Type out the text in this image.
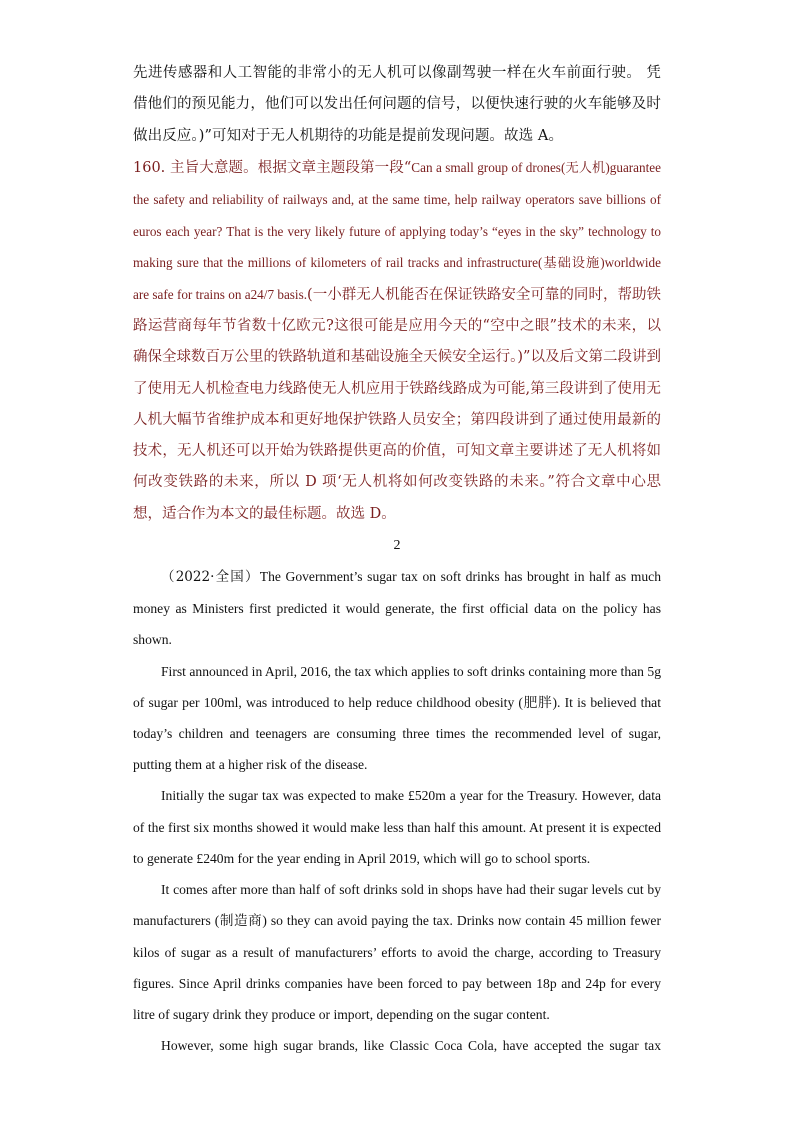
先进传感器和人工智能的非常小的无人机可以像副驾驶一样在火车前面行驶。 凭借他们的预见能力，他们可以发出任何问题的信号，以便快速行驶的火车能够及时做出反应。)”可知对于无人机期待的功能是提前发现问题。故选 A。
160. 主旨大意题。根据文章主题段第一段“Can a small group of drones(无人机)guarantee the safety and reliability of railways and, at the same time, help railway operators save billions of euros each year? That is the very likely future of applying today’s “eyes in the sky” technology to making sure that the millions of kilometers of rail tracks and infrastructure(基础设施)worldwide are safe for trains on a24/7 basis.(一小群无人机能否在保证铁路安全可靠的同时，帮助铁路运营商每年节省数十亿欧元?这很可能是应用今天的“空中之眼”技术的未来，以确保全球数百万公里的铁路轨道和基础设施全天候安全运行。)”以及后文第二段讲到了使用无人机检查电力线路使无人机应用于铁路线路成为可能,第三段讲到了使用无人机大幅节省维护成本和更好地保护铁路人员安全；第四段讲到了通过使用最新的技术，无人机还可以开始为铁路提供更高的价值，可知文章主要讲述了无人机将如何改变铁路的未来，所以 D 项‘无人机将如何改变铁路的未来。”符合文章中心思想，适合作为本文的最佳标题。故选 D。
2
（2022·全国）The Government’s sugar tax on soft drinks has brought in half as much money as Ministers first predicted it would generate, the first official data on the policy has shown.
First announced in April, 2016, the tax which applies to soft drinks containing more than 5g of sugar per 100ml, was introduced to help reduce childhood obesity (肥胖). It is believed that today’s children and teenagers are consuming three times the recommended level of sugar, putting them at a higher risk of the disease.
Initially the sugar tax was expected to make £520m a year for the Treasury. However, data of the first six months showed it would make less than half this amount. At present it is expected to generate £240m for the year ending in April 2019, which will go to school sports.
It comes after more than half of soft drinks sold in shops have had their sugar levels cut by manufacturers (制造商) so they can avoid paying the tax. Drinks now contain 45 million fewer kilos of sugar as a result of manufacturers’ efforts to avoid the charge, according to Treasury figures. Since April drinks companies have been forced to pay between 18p and 24p for every litre of sugary drink they produce or import, depending on the sugar content.
However, some high sugar brands, like Classic Coca Cola, have accepted the sugar tax
